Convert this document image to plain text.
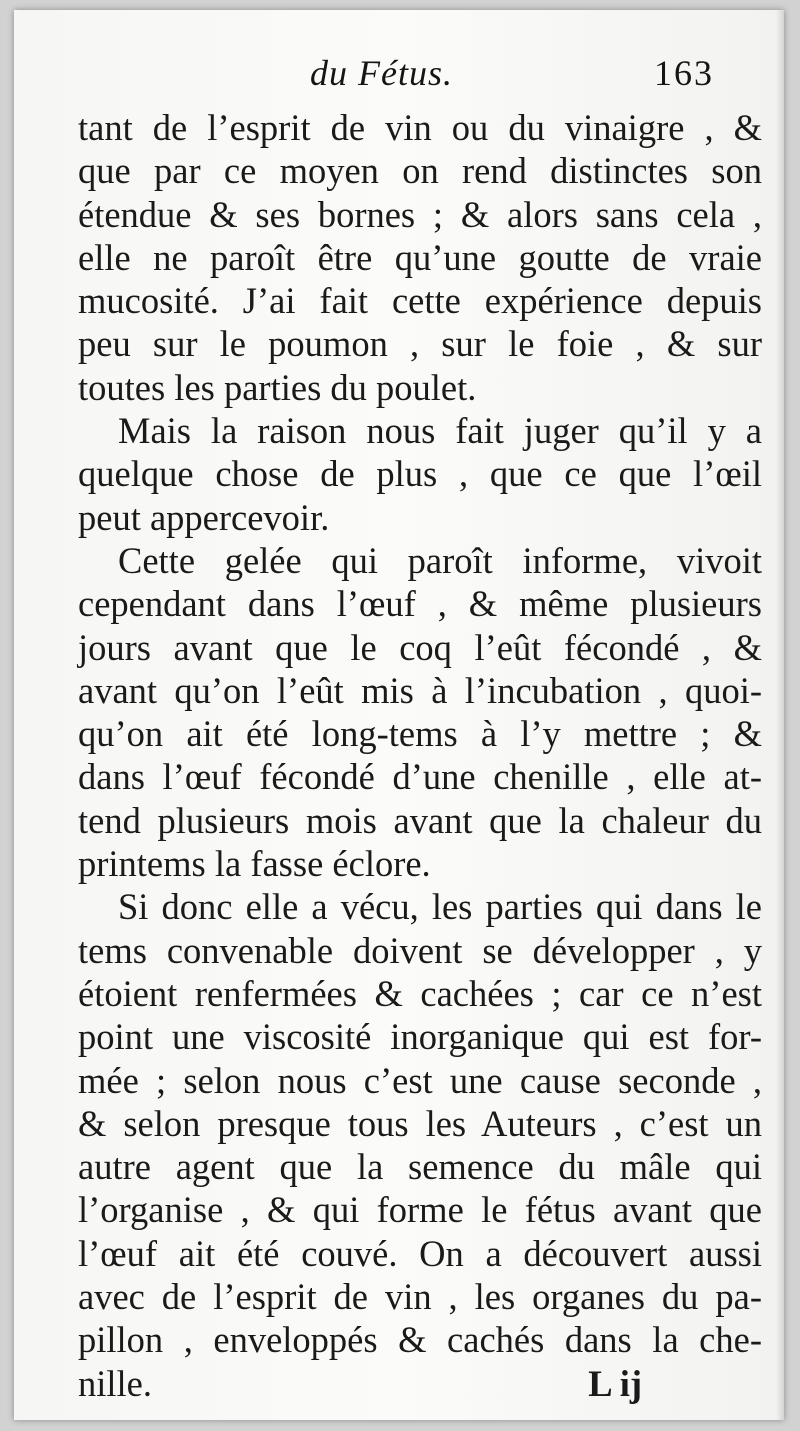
du Fétus.	163
tant de l’esprit de vin ou du vinaigre , &
que par ce moyen on rend distinctes son
étendue & ses bornes ; & alors sans cela ,
elle ne paroît être qu’une goutte de vraie
mucosité. J’ai fait cette expérience depuis
peu sur le poumon , sur le foie , & sur
toutes les parties du poulet.
Mais la raison nous fait juger qu’il y a
quelque chose de plus , que ce que l’œil
peut appercevoir.
Cette gelée qui paroît informe, vivoit
cependant dans l’œuf , & même plusieurs
jours avant que le coq l’eût fécondé , &
avant qu’on l’eût mis à l’incubation , quoi-
qu’on ait été long-tems à l’y mettre ; &
dans l’œuf fécondé d’une chenille , elle at-
tend plusieurs mois avant que la chaleur du
printems la fasse éclore.
Si donc elle a vécu, les parties qui dans le
tems convenable doivent se développer , y
étoient renfermées & cachées ; car ce n’est
point une viscosité inorganique qui est for-
mée ; selon nous c’est une cause seconde ,
& selon presque tous les Auteurs , c’est un
autre agent que la semence du mâle qui
l’organise , & qui forme le fétus avant que
l’œuf ait été couvé. On a découvert aussi
avec de l’esprit de vin , les organes du pa-
pillon , enveloppés & cachés dans la che-
nille.	L ij
